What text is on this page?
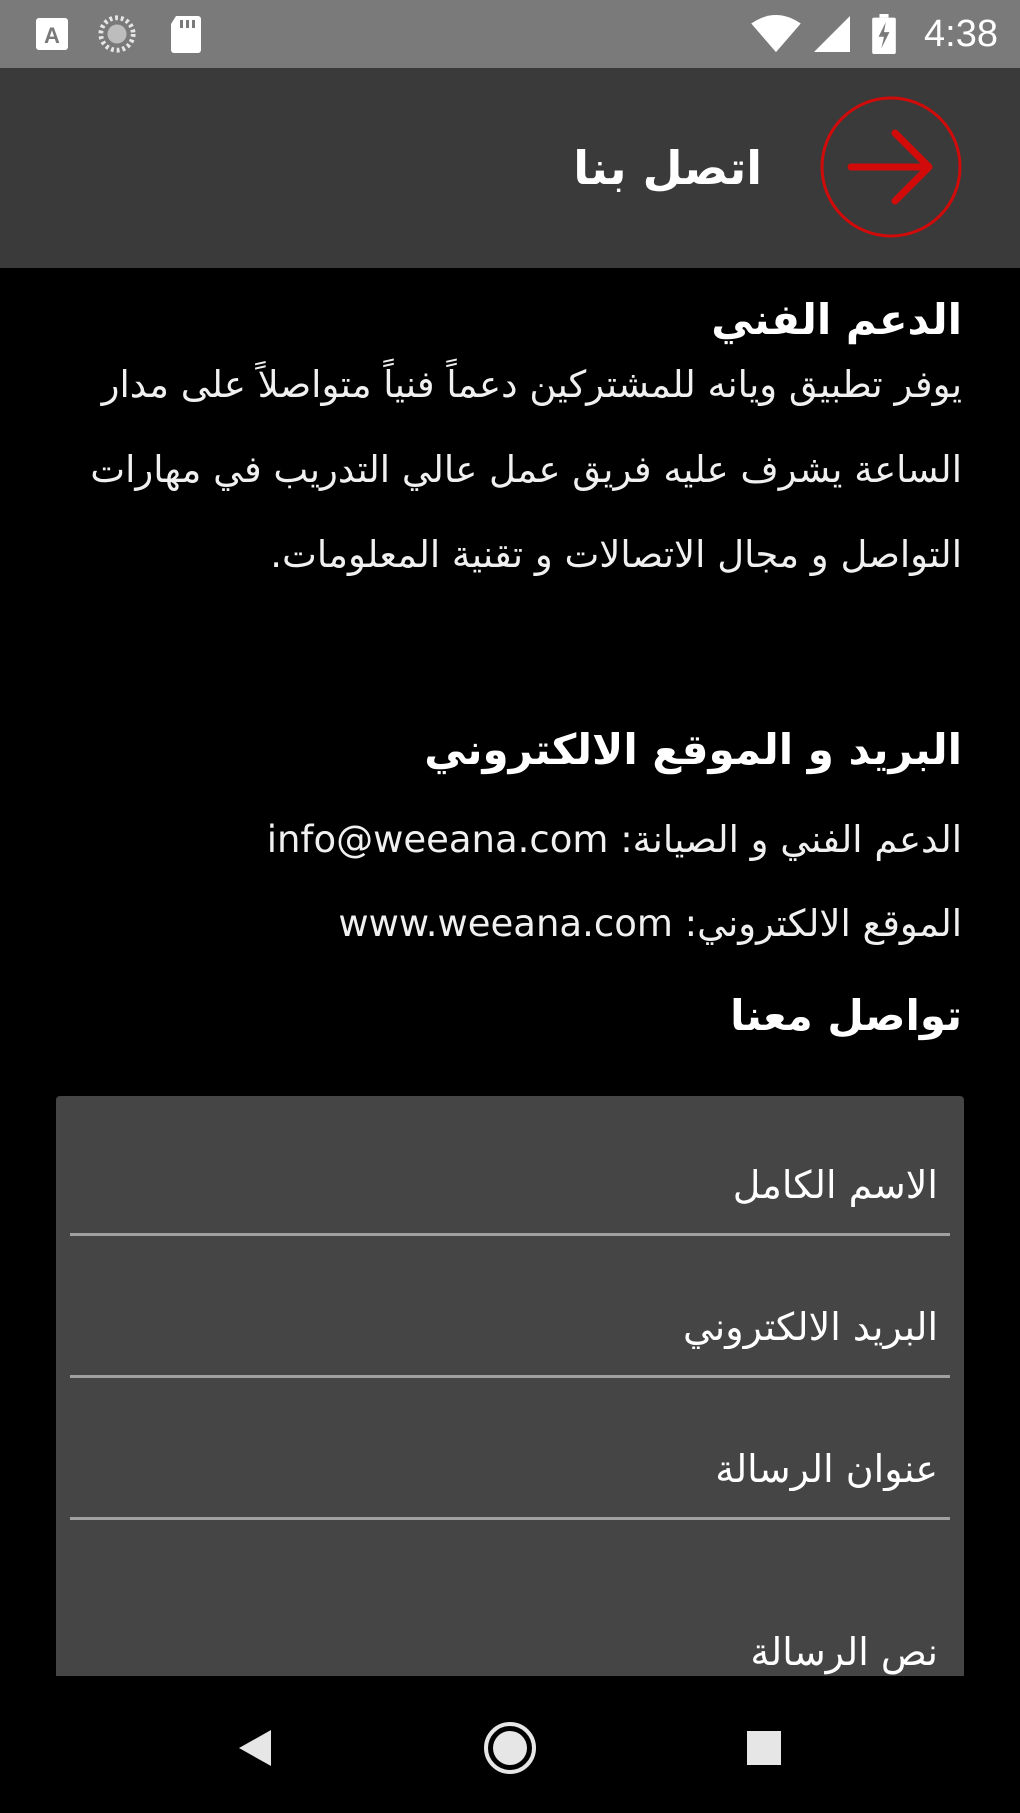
A	4:38
اتصل بنا
الدعم الفني
يوفر تطبيق ويانه للمشتركين دعماً فنياً متواصلاً على مدار الساعة يشرف عليه فريق عمل عالي التدريب في مهارات التواصل و مجال الاتصالات و تقنية المعلومات.
البريد و الموقع الالكتروني
الدعم الفني و الصيانة: info@weeana.com
الموقع الالكتروني: www.weeana.com
تواصل معنا
الاسم الكامل
البريد الالكتروني
عنوان الرسالة
نص الرسالة
